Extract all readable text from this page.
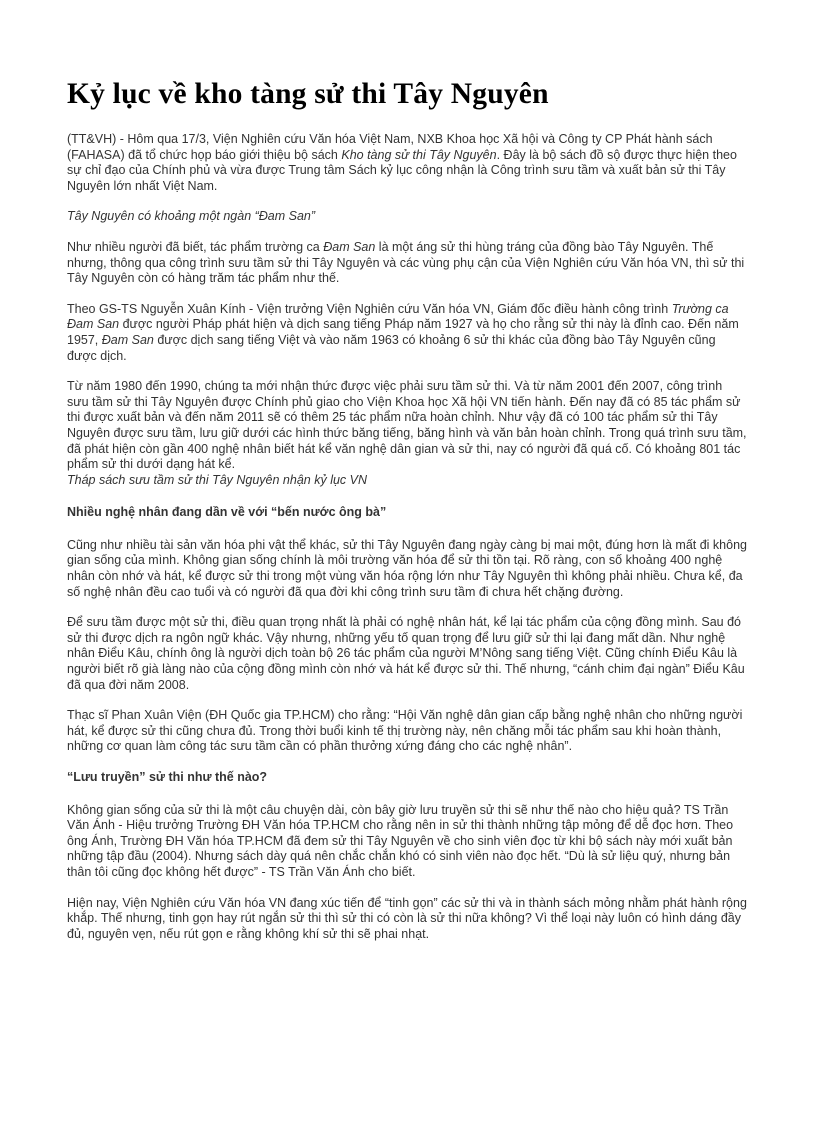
Kỷ lục về kho tàng sử thi Tây Nguyên

(TT&VH) - Hôm qua 17/3, Viện Nghiên cứu Văn hóa Việt Nam, NXB Khoa học Xã hội và Công ty CP Phát hành sách (FAHASA) đã tổ chức họp báo giới thiệu bộ sách Kho tàng sử thi Tây Nguyên. Đây là bộ sách đồ sộ được thực hiện theo sự chỉ đạo của Chính phủ và vừa được Trung tâm Sách kỷ lục công nhận là Công trình sưu tầm và xuất bản sử thi Tây Nguyên lớn nhất Việt Nam.

Tây Nguyên có khoảng một ngàn “Đam San”

Như nhiều người đã biết, tác phẩm trường ca Đam San là một áng sử thi hùng tráng của đồng bào Tây Nguyên. Thế nhưng, thông qua công trình sưu tầm sử thi Tây Nguyên và các vùng phụ cận của Viện Nghiên cứu Văn hóa VN, thì sử thi Tây Nguyên còn có hàng trăm tác phẩm như thế.

Theo GS-TS Nguyễn Xuân Kính - Viện trưởng Viện Nghiên cứu Văn hóa VN, Giám đốc điều hành công trình Trường ca Đam San được người Pháp phát hiện và dịch sang tiếng Pháp năm 1927 và họ cho rằng sử thi này là đỉnh cao. Đến năm 1957, Đam San được dịch sang tiếng Việt và vào năm 1963 có khoảng 6 sử thi khác của đồng bào Tây Nguyên cũng được dịch.

Từ năm 1980 đến 1990, chúng ta mới nhận thức được việc phải sưu tầm sử thi. Và từ năm 2001 đến 2007, công trình sưu tầm sử thi Tây Nguyên được Chính phủ giao cho Viện Khoa học Xã hội VN tiến hành. Đến nay đã có 85 tác phẩm sử thi được xuất bản và đến năm 2011 sẽ có thêm 25 tác phẩm nữa hoàn chỉnh. Như vậy đã có 100 tác phẩm sử thi Tây Nguyên được sưu tầm, lưu giữ dưới các hình thức băng tiếng, băng hình và văn bản hoàn chỉnh. Trong quá trình sưu tầm, đã phát hiện còn gần 400 nghệ nhân biết hát kể văn nghệ dân gian và sử thi, nay có người đã quá cố. Có khoảng 801 tác phẩm sử thi dưới dạng hát kể.

Tháp sách sưu tầm sử thi Tây Nguyên nhận kỷ lục VN

Nhiều nghệ nhân đang dần về với “bến nước ông bà”

Cũng như nhiều tài sản văn hóa phi vật thể khác, sử thi Tây Nguyên đang ngày càng bị mai một, đúng hơn là mất đi không gian sống của mình. Không gian sống chính là môi trường văn hóa để sử thi tồn tại. Rõ ràng, con số khoảng 400 nghệ nhân còn nhớ và hát, kể được sử thi trong một vùng văn hóa rộng lớn như Tây Nguyên thì không phải nhiều. Chưa kể, đa số nghệ nhân đều cao tuổi và có người đã qua đời khi công trình sưu tầm đi chưa hết chặng đường.

Để sưu tầm được một sử thi, điều quan trọng nhất là phải có nghệ nhân hát, kể lại tác phẩm của cộng đồng mình. Sau đó sử thi được dịch ra ngôn ngữ khác. Vậy nhưng, những yếu tố quan trọng để lưu giữ sử thi lại đang mất dần. Như nghệ nhân Điểu Kâu, chính ông là người dịch toàn bộ 26 tác phẩm của người M’Nông sang tiếng Việt. Cũng chính Điểu Kâu là người biết rõ già làng nào của cộng đồng mình còn nhớ và hát kể được sử thi. Thế nhưng, “cánh chim đại ngàn” Điểu Kâu đã qua đời năm 2008.

Thạc sĩ Phan Xuân Viện (ĐH Quốc gia TP.HCM) cho rằng: “Hội Văn nghệ dân gian cấp bằng nghệ nhân cho những người hát, kể được sử thi cũng chưa đủ. Trong thời buổi kinh tế thị trường này, nên chăng mỗi tác phẩm sau khi hoàn thành, những cơ quan làm công tác sưu tầm cần có phần thưởng xứng đáng cho các nghệ nhân”.

“Lưu truyền” sử thi như thế nào?

Không gian sống của sử thi là một câu chuyện dài, còn bây giờ lưu truyền sử thi sẽ như thế nào cho hiệu quả? TS Trần Văn Ánh - Hiệu trưởng Trường ĐH Văn hóa TP.HCM cho rằng nên in sử thi thành những tập mỏng để dễ đọc hơn. Theo ông Ánh, Trường ĐH Văn hóa TP.HCM đã đem sử thi Tây Nguyên về cho sinh viên đọc từ khi bộ sách này mới xuất bản những tập đầu (2004). Nhưng sách dày quá nên chắc chắn khó có sinh viên nào đọc hết. “Dù là sử liệu quý, nhưng bản thân tôi cũng đọc không hết được” - TS Trần Văn Ánh cho biết.

Hiện nay, Viện Nghiên cứu Văn hóa VN đang xúc tiến để “tinh gọn” các sử thi và in thành sách mỏng nhằm phát hành rộng khắp. Thế nhưng, tinh gọn hay rút ngắn sử thi thì sử thi có còn là sử thi nữa không? Vì thể loại này luôn có hình dáng đầy đủ, nguyên vẹn, nếu rút gọn e rằng không khí sử thi sẽ phai nhạt.
